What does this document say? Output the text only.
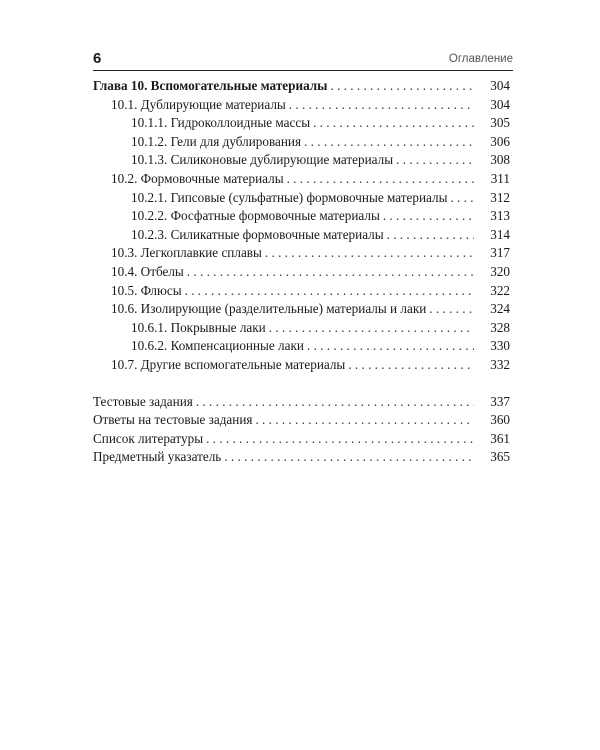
6	Оглавление
Глава 10. Вспомогательные материалы . . .	304
10.1. Дублирующие материалы . . .	304
10.1.1. Гидроколлоидные массы . . .	305
10.1.2. Гели для дублирования . . .	306
10.1.3. Силиконовые дублирующие материалы . . .	308
10.2. Формовочные материалы . . .	311
10.2.1. Гипсовые (сульфатные) формовочные материалы . . .	312
10.2.2. Фосфатные формовочные материалы . . .	313
10.2.3. Силикатные формовочные материалы . . .	314
10.3. Легкоплавкие сплавы . . .	317
10.4. Отбелы . . .	320
10.5. Флюсы . . .	322
10.6. Изолирующие (разделительные) материалы и лаки . . .	324
10.6.1. Покрывные лаки . . .	328
10.6.2. Компенсационные лаки . . .	330
10.7. Другие вспомогательные материалы . . .	332
Тестовые задания . . .	337
Ответы на тестовые задания . . .	360
Список литературы . . .	361
Предметный указатель . . .	365
